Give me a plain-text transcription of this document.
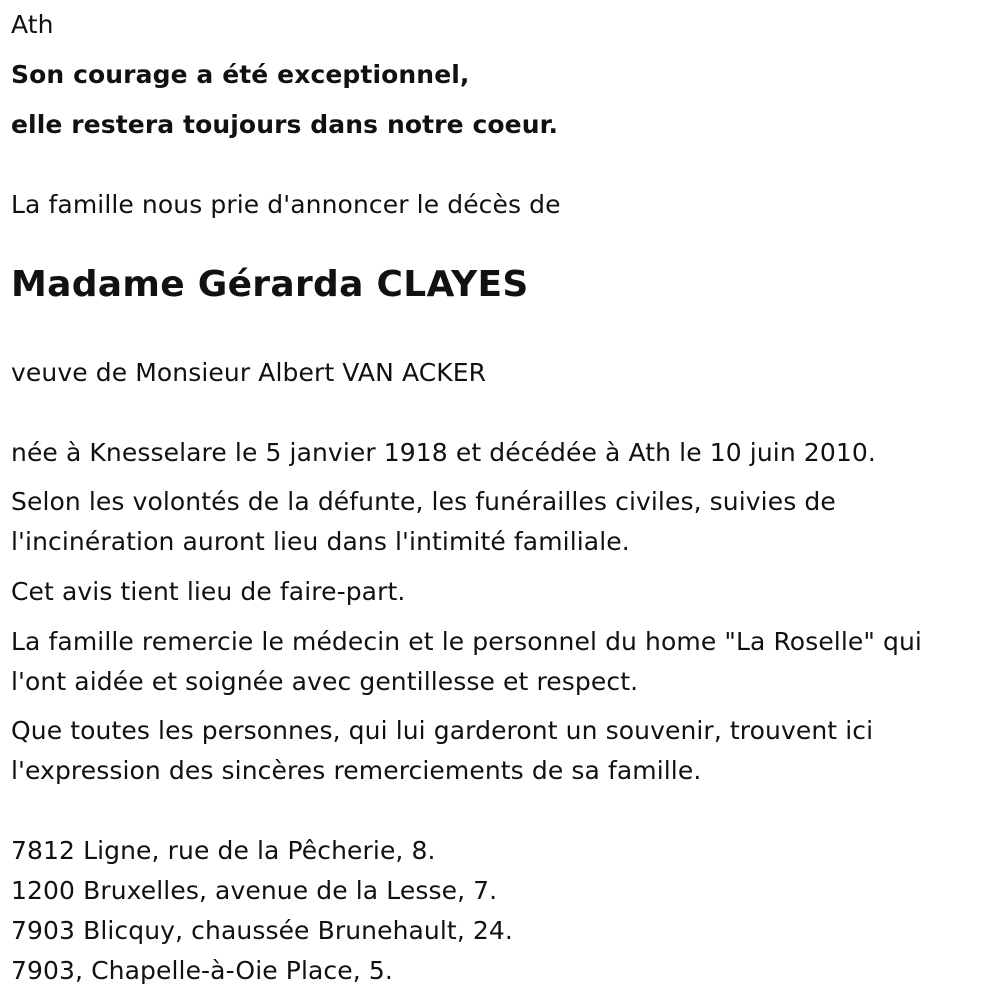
Ath
Son courage a été exceptionnel,
elle restera toujours dans notre coeur.
La famille nous prie d'annoncer le décès de
Madame Gérarda CLAYES
veuve de Monsieur Albert VAN ACKER
née à Knesselare le 5 janvier 1918 et décédée à Ath le 10 juin 2010.
Selon les volontés de la défunte, les funérailles civiles, suivies de
l'incinération auront lieu dans l'intimité familiale.
Cet avis tient lieu de faire-part.
La famille remercie le médecin et le personnel du home "La Roselle" qui
l'ont aidée et soignée avec gentillesse et respect.
Que toutes les personnes, qui lui garderont un souvenir, trouvent ici
l'expression des sincères remerciements de sa famille.
7812 Ligne, rue de la Pêcherie, 8.
1200 Bruxelles, avenue de la Lesse, 7.
7903 Blicquy, chaussée Brunehault, 24.
7903, Chapelle-à-Oie Place, 5.
